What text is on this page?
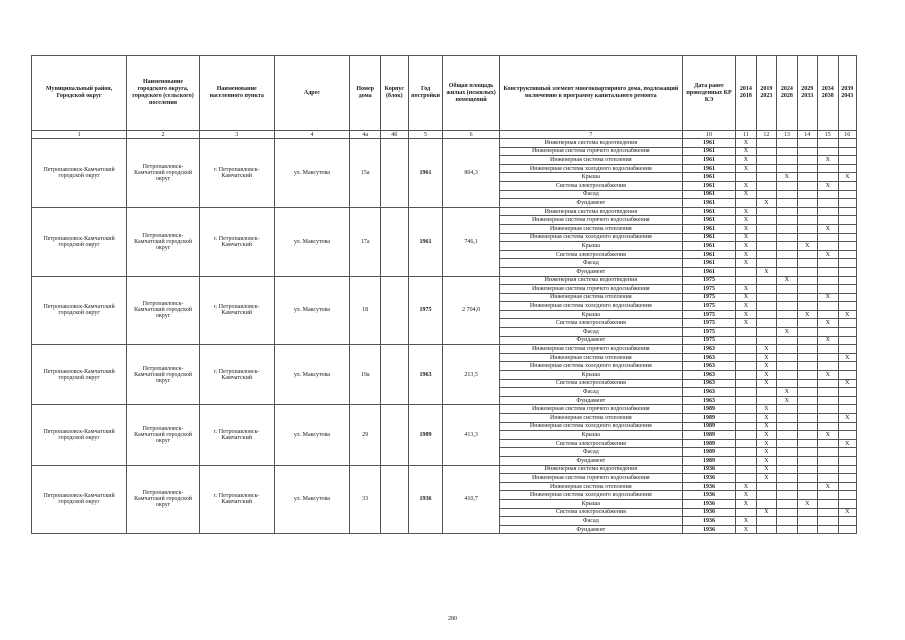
Муниципальный район, Городской округ	Наименование городского округа, городского (сельского) поселения	Наименование населенного пункта	Адрес	Номер дома	Корпус (блок)	Год постройки	Общая площадь жилых (нежилых) помещений	Конструктивный элемент многоквартирного дома, подлежащий включению в программу капитального ремонта	Дата ранее проведенных КР КЭ	2014 2018	2019 2023	2024 2028	2029 2033	2034 2038	2039 2043
1	2	3	4	4а	4б	5	6	7	10	11	12	13	14	15	16
Петропавловск-Камчатский городской округ	Петропавловск-Камчатский городской округ	г. Петропавловск-Камчатский	ул. Максутова	15а		1961	804,3	Инженерная система водоотведения	1961	X					
								Инженерная система горячего водоснабжения	1961	X					
								Инженерная система отопления	1961	X				X	
								Инженерная система холодного водоснабжения	1961	X					
								Крыша	1961			X			X
								Система электроснабжения	1961	X				X	
								Фасад	1961	X					
								Фундамент	1961		X				
Петропавловск-Камчатский городской округ	Петропавловск-Камчатский городской округ	г. Петропавловск-Камчатский	ул. Максутова	17а		1961	746,1	Инженерная система водоотведения	1961	X					
								Инженерная система горячего водоснабжения	1961	X					
								Инженерная система отопления	1961	X				X	
								Инженерная система холодного водоснабжения	1961	X					
								Крыша	1961	X			X		
								Система электроснабжения	1961	X				X	
								Фасад	1961	X					
								Фундамент	1961		X				
Петропавловск-Камчатский городской округ	Петропавловск-Камчатский городской округ	г. Петропавловск-Камчатский	ул. Максутова	18		1975	2 704,0	Инженерная система водоотведения	1975			X			
								Инженерная система горячего водоснабжения	1975	X					
								Инженерная система отопления	1975	X				X	
								Инженерная система холодного водоснабжения	1975	X					
								Крыша	1975	X			X		X
								Система электроснабжения	1975	X				X	
								Фасад	1975			X			
								Фундамент	1975					X	
Петропавловск-Камчатский городской округ	Петропавловск-Камчатский городской округ	г. Петропавловск-Камчатский	ул. Максутова	19а		1963	213,5	Инженерная система горячего водоснабжения	1963		X				
								Инженерная система отопления	1963		X				X
								Инженерная система холодного водоснабжения	1963		X				
								Крыша	1963		X			X	
								Система электроснабжения	1963		X				X
								Фасад	1963			X			
								Фундамент	1963			X			
Петропавловск-Камчатский городской округ	Петропавловск-Камчатский городской округ	г. Петропавловск-Камчатский	ул. Максутова	29		1989	413,3	Инженерная система горячего водоснабжения	1989		X				
								Инженерная система отопления	1989		X				X
								Инженерная система холодного водоснабжения	1989		X				
								Крыша	1989		X			X	
								Система электроснабжения	1989		X				X
								Фасад	1989		X				
								Фундамент	1989		X				
Петропавловск-Камчатский городской округ	Петропавловск-Камчатский городской округ	г. Петропавловск-Камчатский	ул. Максутова	33		1936	410,7	Инженерная система водоотведения	1936		X				
								Инженерная система горячего водоснабжения	1936		X				
								Инженерная система отопления	1936	X				X	
								Инженерная система холодного водоснабжения	1936	X					
								Крыша	1936	X			X		
								Система электроснабжения	1936		X				X
								Фасад	1936	X					
								Фундамент	1936	X					
280
